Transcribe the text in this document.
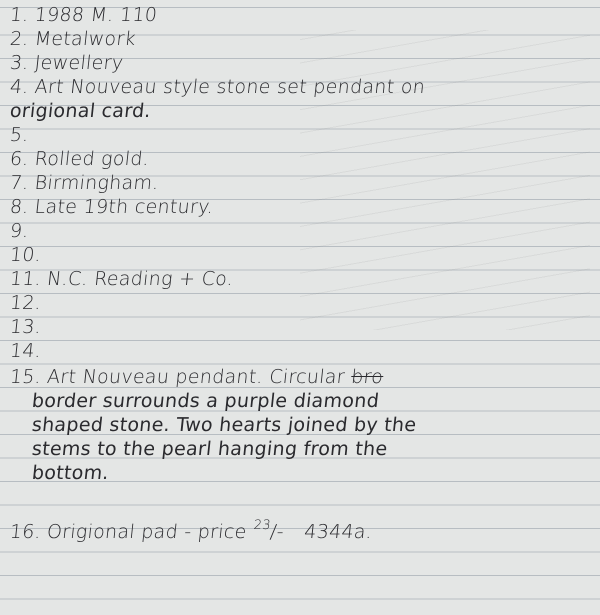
1. 1988 M. 110
2. Metalwork
3. Jewellery
4. Art Nouveau style stone set pendant on
origional card.
5.
6. Rolled gold.
7. Birmingham.
8. Late 19th century.
9.
10.
11. N.C. Reading + Co.
12.
13.
14.
15. Art Nouveau pendant. Circular bro
border surrounds a purple diamond
shaped stone. Two hearts joined by the
stems to the pearl hanging from the
bottom.
16. Origional pad - price $^{23}$/- 4344a.
